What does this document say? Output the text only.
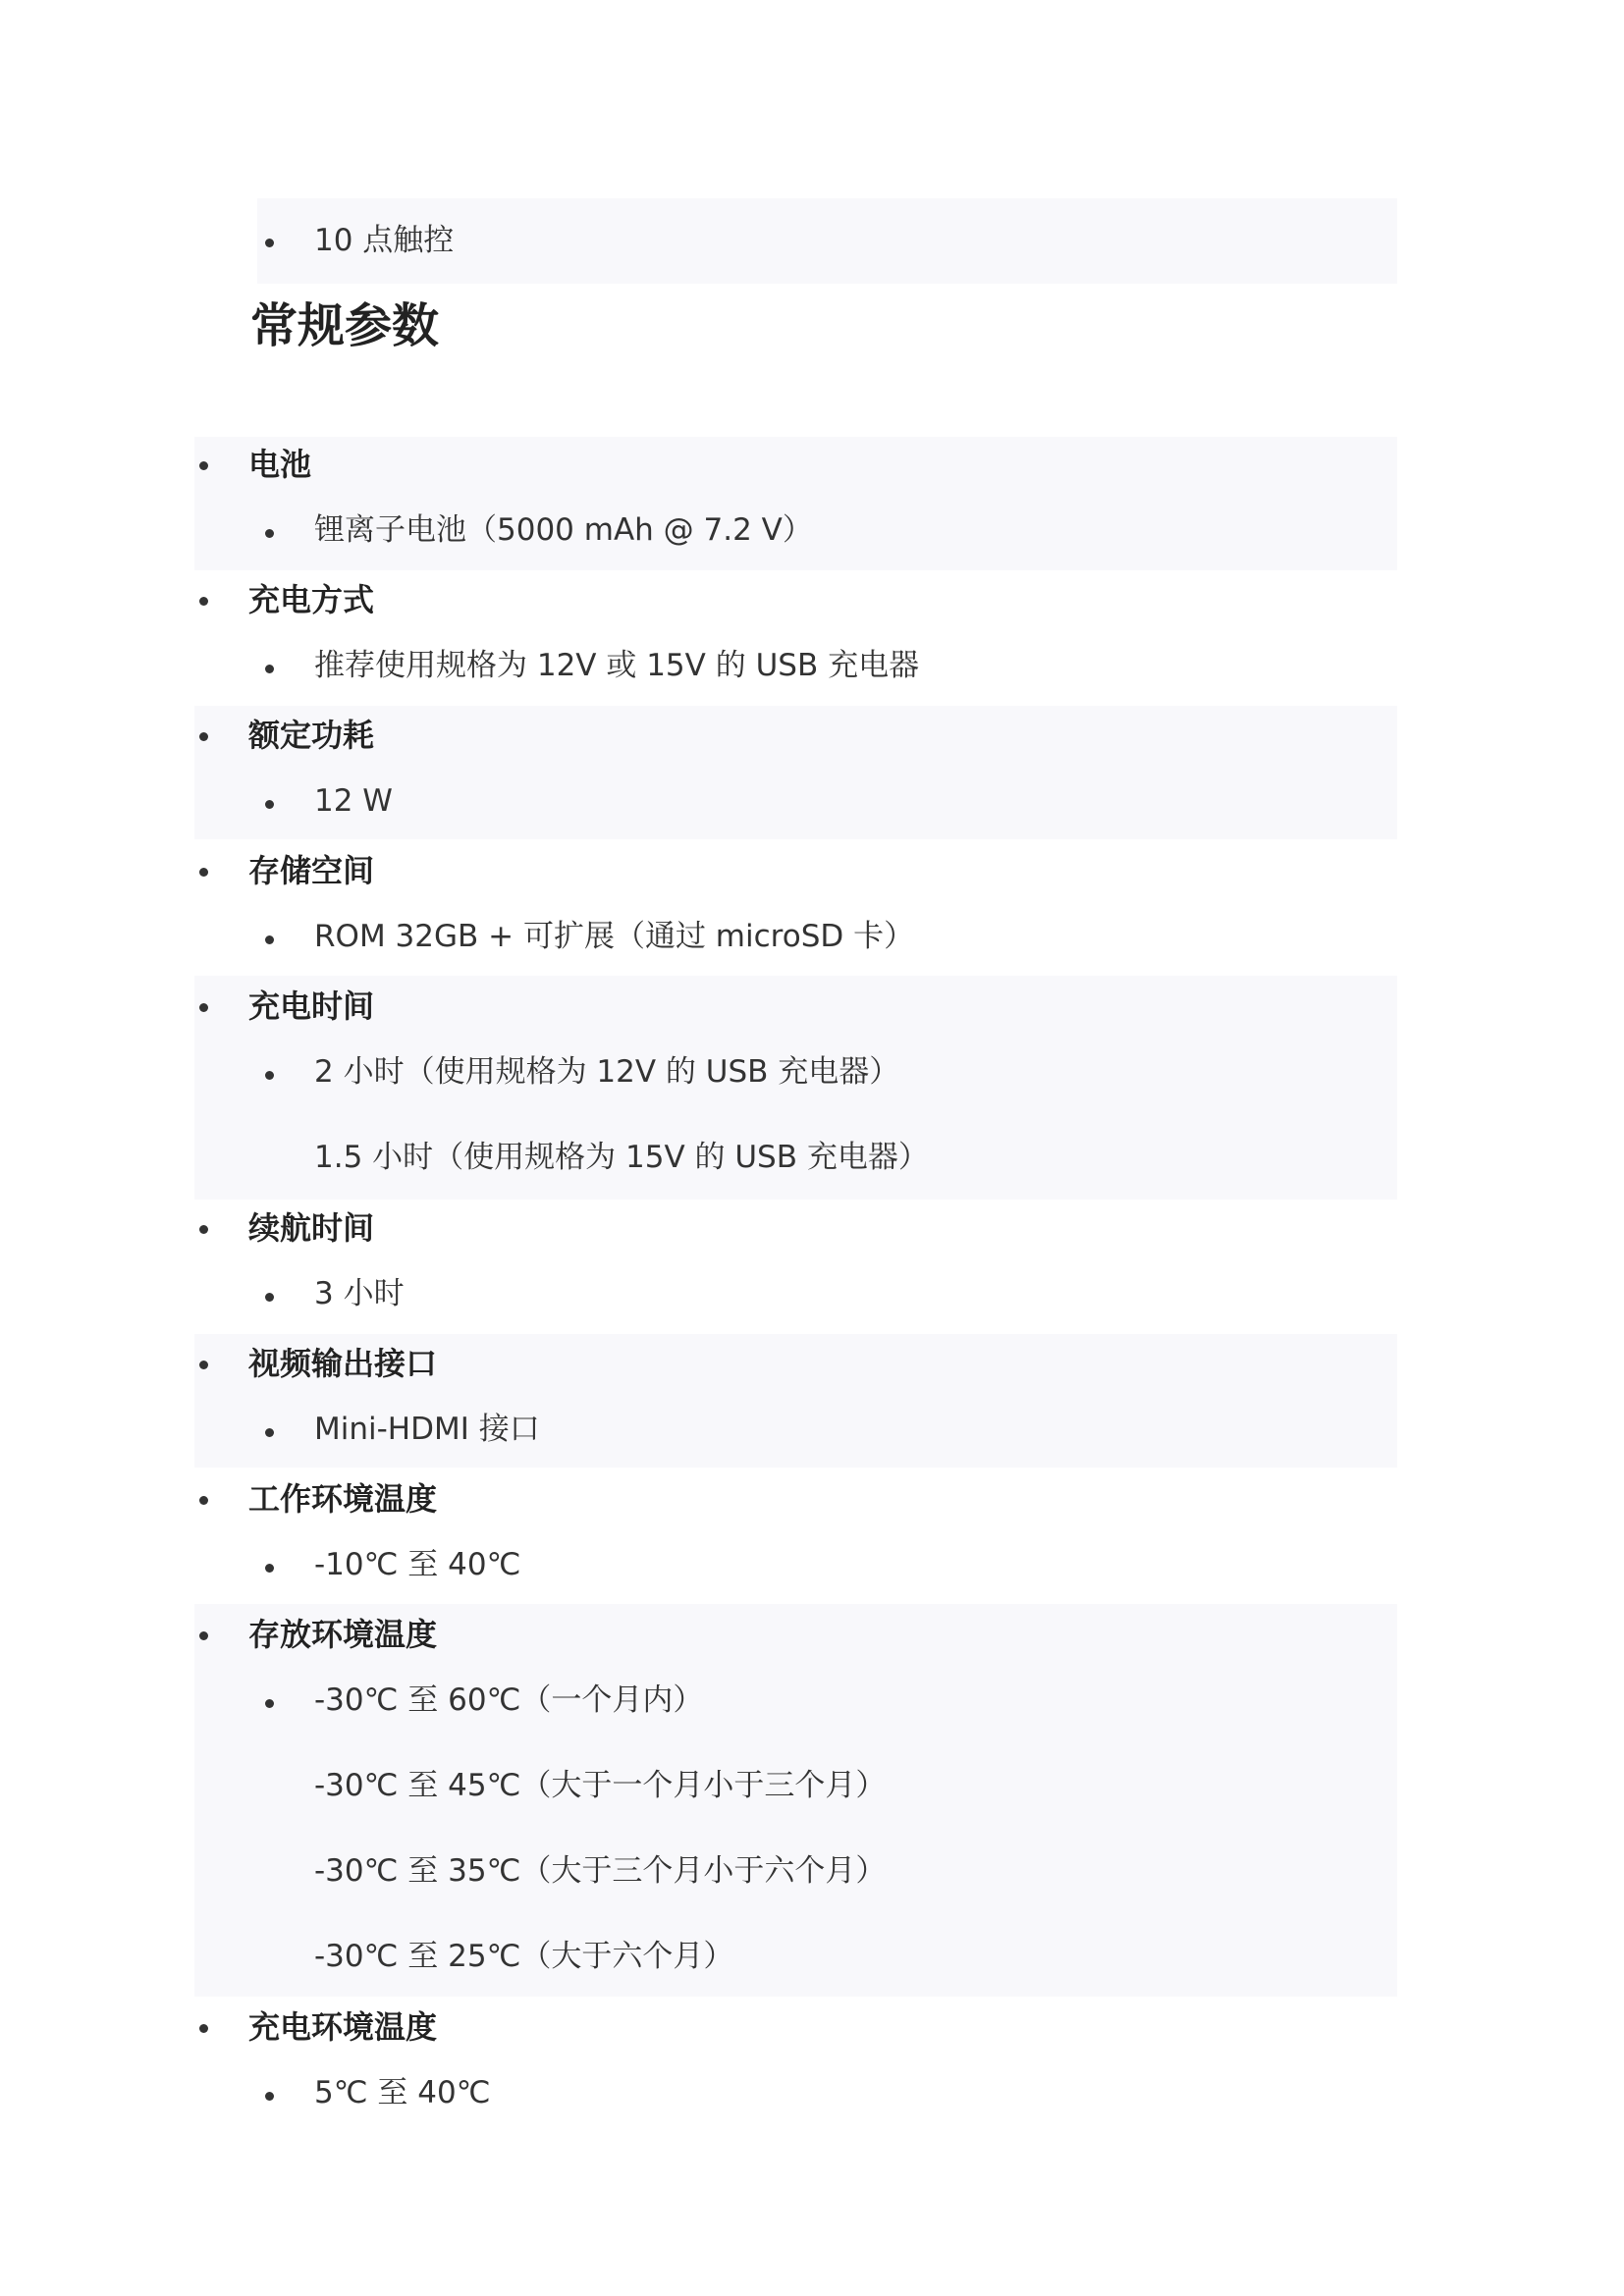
10 点触控
常规参数
电池
锂离子电池（5000 mAh @ 7.2 V）
充电方式
推荐使用规格为 12V 或 15V 的 USB 充电器
额定功耗
12 W
存储空间
ROM 32GB + 可扩展（通过 microSD 卡）
充电时间
2 小时（使用规格为 12V 的 USB 充电器）
1.5 小时（使用规格为 15V 的 USB 充电器）
续航时间
3 小时
视频输出接口
Mini-HDMI 接口
工作环境温度
-10℃ 至 40℃
存放环境温度
-30℃ 至 60℃（一个月内）
-30℃ 至 45℃（大于一个月小于三个月）
-30℃ 至 35℃（大于三个月小于六个月）
-30℃ 至 25℃（大于六个月）
充电环境温度
5℃ 至 40℃
